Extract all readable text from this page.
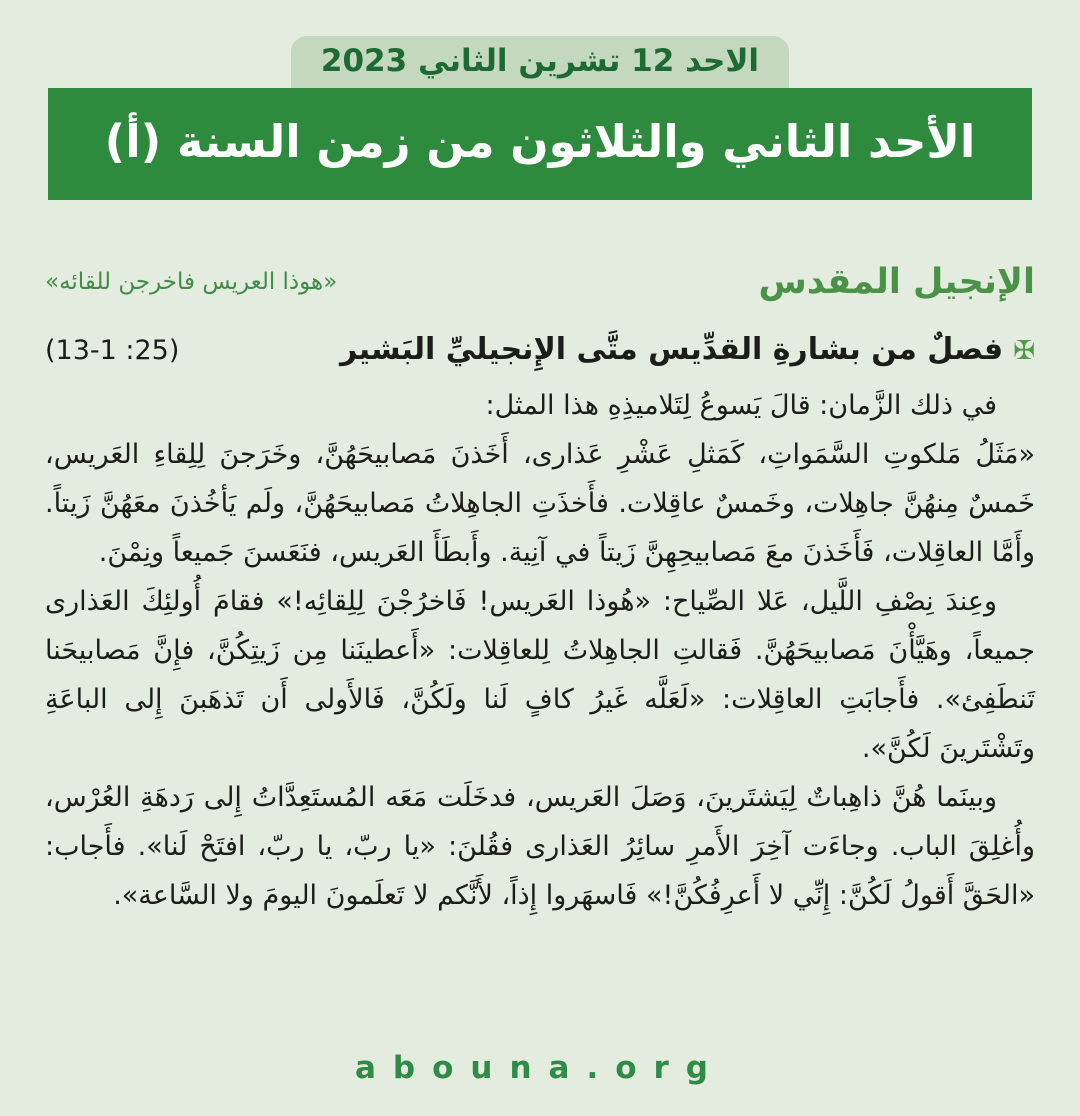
الاحد 12 تشرين الثاني 2023
الأحد الثاني والثلاثون من زمن السنة (أ)
الإنجيل المقدس
«هوذا العريس فاخرجن للقائه»
✠فصلٌ من بشارةِ القدِّيس متَّى الإِنجيليِّ البَشير
(13-1 :25)

في ذلك الزَّمان: قالَ يَسوعُ لِتَلاميذِهِ هذا المثل:

«مَثَلُ مَلكوتِ السَّمَواتِ، كَمَثلِ عَشْرِ عَذارى، أَخَذنَ مَصابيحَهُنَّ، وخَرَجنَ لِلِقاءِ العَريس، خَمسٌ مِنهُنَّ جاهِلات، وخَمسٌ عاقِلات. فأَخذَتِ الجاهِلاتُ مَصابيحَهُنَّ، ولَم يَأخُذنَ معَهُنَّ زَيتاً. وأَمَّا العاقِلات، فَأَخَذنَ معَ مَصابيحِهِنَّ زَيتاً في آنِية. وأَبطَأَ العَريس، فنَعَسنَ جَميعاً ونِمْنَ.

وعِندَ نِصْفِ اللَّيل، عَلا الصِّياح: «هُوذا العَريس! فَاخرُجْنَ لِلِقائِه!» فقامَ أُولئِكَ العَذارى جميعاً، وهَيَّأْنَ مَصابيحَهُنَّ. فَقالتِ الجاهِلاتُ لِلعاقِلات: «أَعطينَنا مِن زَيتِكُنَّ، فإِنَّ مَصابيحَنا تَنطَفِئ». فأَجابَتِ العاقِلات: «لَعَلَّه غَيرُ كافٍ لَنا ولَكُنَّ، فَالأَولى أَن تَذهَبنَ إِلى الباعَةِ وتَشْتَرينَ لَكُنَّ».

وبينَما هُنَّ ذاهِباتٌ لِيَشتَرينَ، وَصَلَ العَريس، فدخَلَت مَعَه المُستَعِدَّاتُ إِلى رَدهَةِ العُرْس، وأُغلِقَ الباب. وجاءَت آخِرَ الأَمرِ سائِرُ العَذارى فقُلنَ: «يا ربّ، يا ربّ، افتَحْ لَنا». فأَجاب: «الحَقَّ أَقولُ لَكُنَّ: إِنِّي لا أَعرِفُكُنَّ!» فَاسهَروا إِذاً، لأَنَّكم لا تَعلَمونَ اليومَ ولا السَّاعة».

abouna.org
